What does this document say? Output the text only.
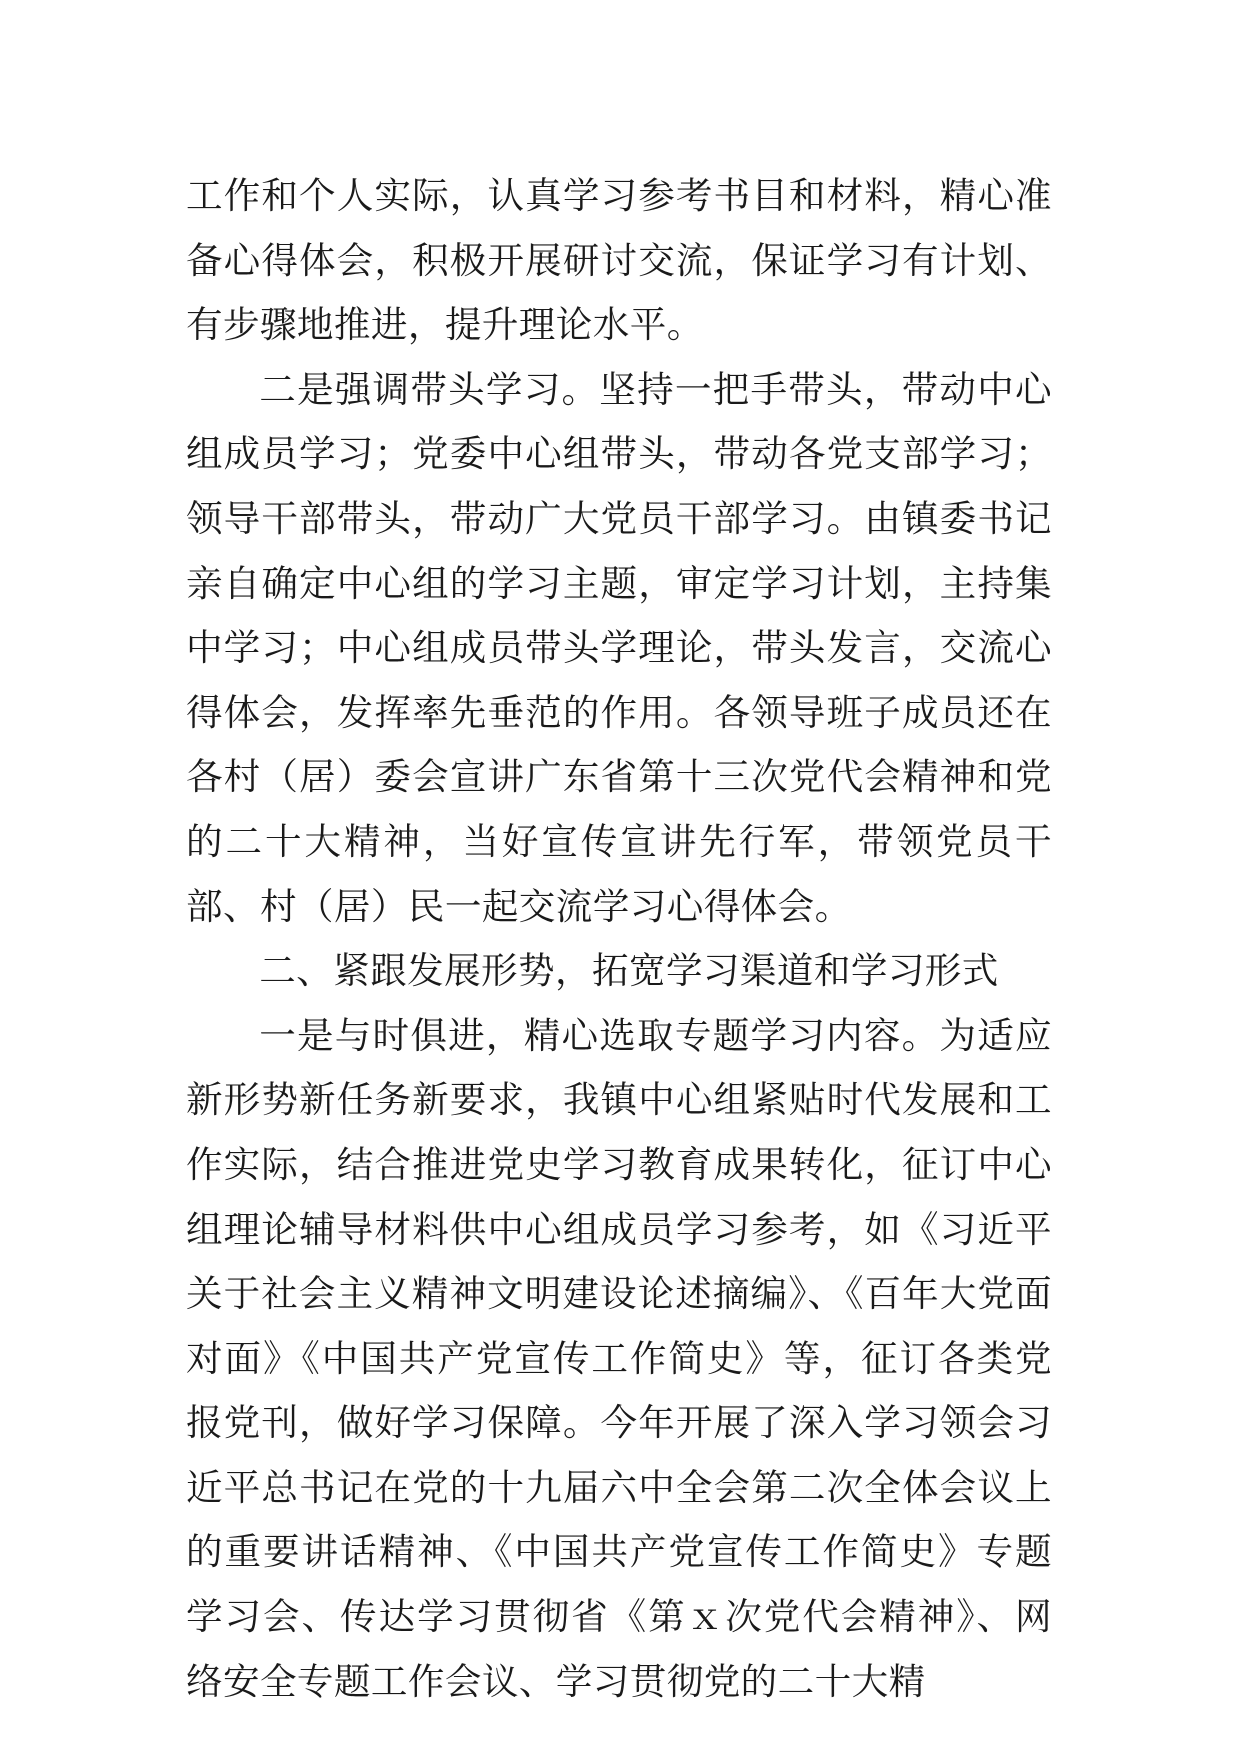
工作和个人实际，认真学习参考书目和材料，精心准备心得体会，积极开展研讨交流，保证学习有计划、有步骤地推进，提升理论水平。

二是强调带头学习。坚持一把手带头，带动中心组成员学习；党委中心组带头，带动各党支部学习；领导干部带头，带动广大党员干部学习。由镇委书记亲自确定中心组的学习主题，审定学习计划，主持集中学习；中心组成员带头学理论，带头发言，交流心得体会，发挥率先垂范的作用。各领导班子成员还在各村（居）委会宣讲广东省第十三次党代会精神和党的二十大精神，当好宣传宣讲先行军，带领党员干部、村（居）民一起交流学习心得体会。

二、紧跟发展形势，拓宽学习渠道和学习形式

一是与时俱进，精心选取专题学习内容。为适应新形势新任务新要求，我镇中心组紧贴时代发展和工作实际，结合推进党史学习教育成果转化，征订中心组理论辅导材料供中心组成员学习参考，如《习近平关于社会主义精神文明建设论述摘编》、《百年大党面对面》《中国共产党宣传工作简史》等，征订各类党报党刊，做好学习保障。今年开展了深入学习领会习近平总书记在党的十九届六中全会第二次全体会议上的重要讲话精神、《中国共产党宣传工作简史》专题学习会、传达学习贯彻省《第ｘ次党代会精神》、网络安全专题工作会议、学习贯彻党的二十大精
